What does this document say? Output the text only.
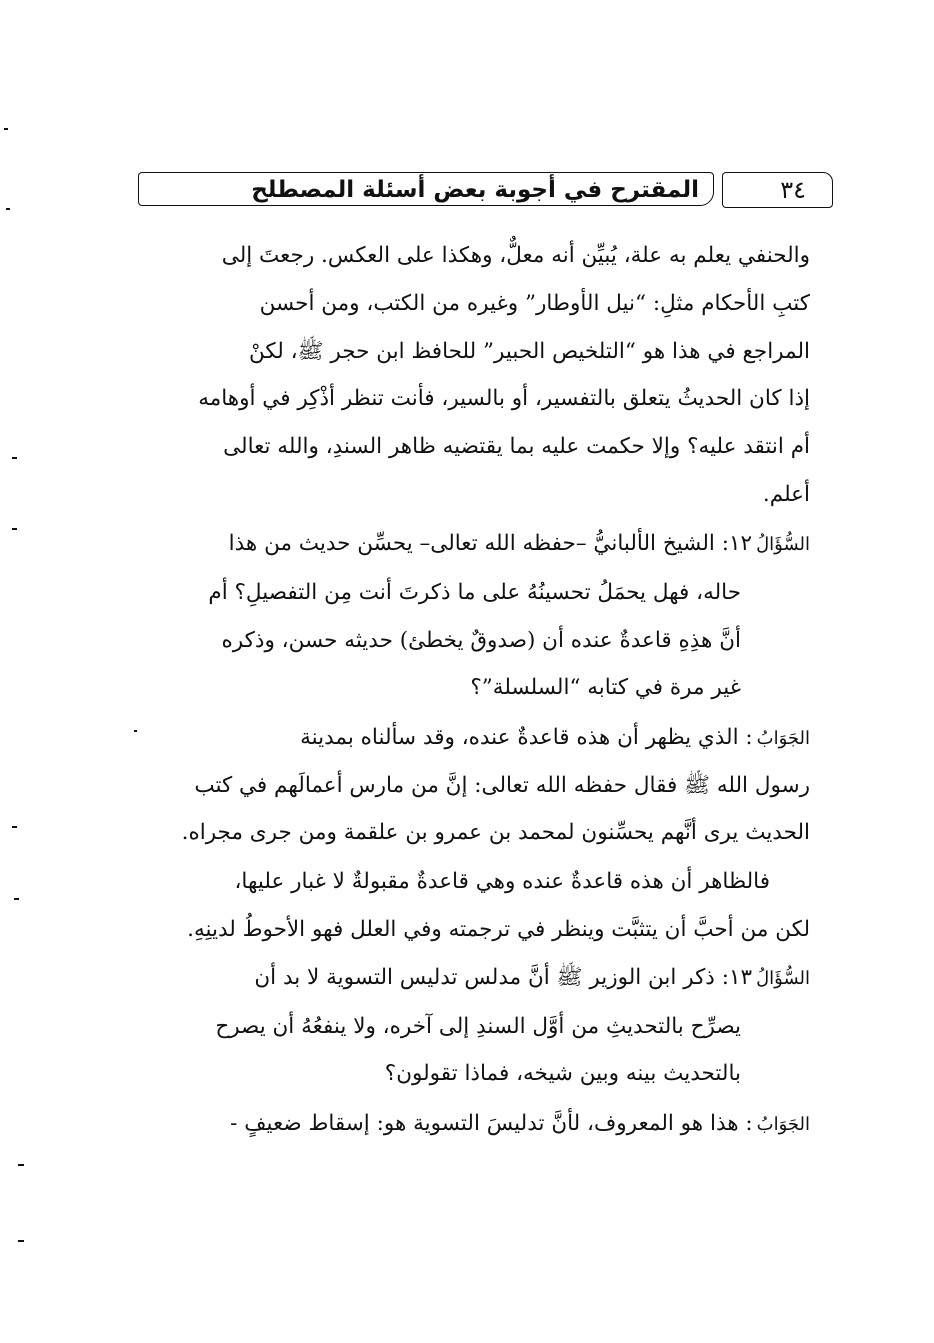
٣٤
المقترح في أجوبة بعض أسئلة المصطلح
والحنفي يعلم به علة، يُبيِّن أنه معلٌّ، وهكذا على العكس. رجعتَ إلى
كتبِ الأحكام مثلِ: “نيل الأوطار” وغيره من الكتب، ومن أحسن
المراجع في هذا هو “التلخيص الحبير” للحافظ ابن حجر ﷺ، لكنْ
إذا كان الحديثُ يتعلق بالتفسير، أو بالسير، فأنت تنظر أذْكِر في أوهامه
أم انتقد عليه؟ وإلا حكمت عليه بما يقتضيه ظاهر السندِ، والله تعالى
أعلم.
السُّؤَالُ١٢: الشيخ الألبانيُّ –حفظه الله تعالى– يحسِّن حديث من هذا
حاله، فهل يحمَلُ تحسينُهُ على ما ذكرتَ أنت مِن التفصيلِ؟ أم
أنَّ هذِهِ قاعدةٌ عنده أن (صدوقٌ يخطئ) حديثه حسن، وذكره
غير مرة في كتابه “السلسلة”؟
الجَوَابُ: الذي يظهر أن هذه قاعدةٌ عنده، وقد سألناه بمدينة
رسول الله ﷺ فقال حفظه الله تعالى: إنَّ من مارس أعمالَهم في كتب
الحديث يرى أنَّهم يحسِّنون لمحمد بن عمرو بن علقمة ومن جرى مجراه.
فالظاهر أن هذه قاعدةٌ عنده وهي قاعدةٌ مقبولةٌ لا غبار عليها،
لكن من أحبَّ أن يتثبَّت وينظر في ترجمته وفي العلل فهو الأحوطُ لدينِهِ.
السُّؤَالُ١٣: ذكر ابن الوزير ﷺ أنَّ مدلس تدليس التسوية لا بد أن
يصرِّح بالتحديثِ من أوَّل السندِ إلى آخره، ولا ينفعُهُ أن يصرح
بالتحديث بينه وبين شيخه، فماذا تقولون؟
الجَوَابُ: هذا هو المعروف، لأنَّ تدليسَ التسوية هو: إسقاط ضعيفٍ -
